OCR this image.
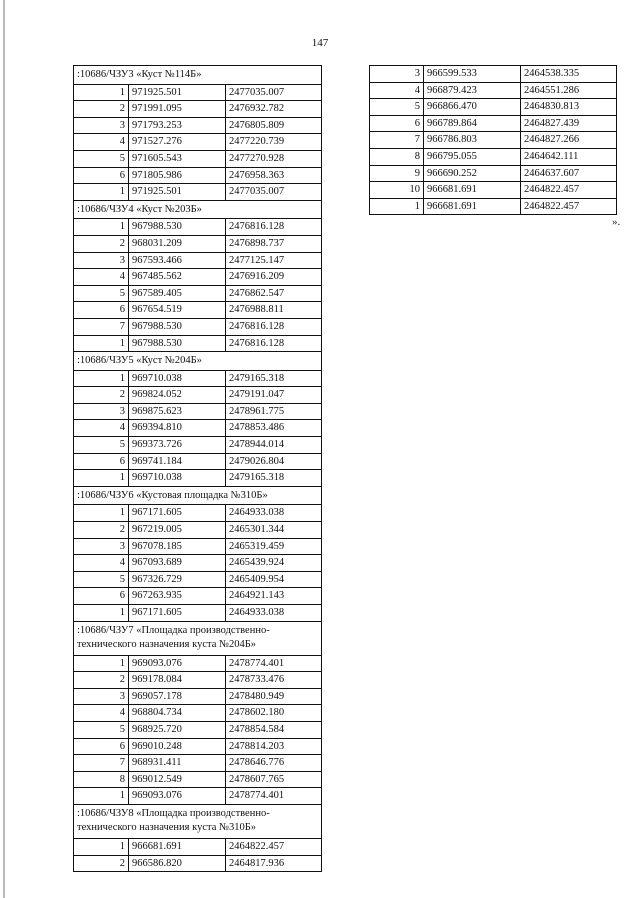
147
:10686/ЧЗУ3 «Куст №114Б»		
1	971925.501	2477035.007
2	971991.095	2476932.782
3	971793.253	2476805.809
4	971527.276	2477220.739
5	971605.543	2477270.928
6	971805.986	2476958.363
1	971925.501	2477035.007
:10686/ЧЗУ4 «Куст №203Б»		
1	967988.530	2476816.128
2	968031.209	2476898.737
3	967593.466	2477125.147
4	967485.562	2476916.209
5	967589.405	2476862.547
6	967654.519	2476988.811
7	967988.530	2476816.128
1	967988.530	2476816.128
:10686/ЧЗУ5 «Куст №204Б»		
1	969710.038	2479165.318
2	969824.052	2479191.047
3	969875.623	2478961.775
4	969394.810	2478853.486
5	969373.726	2478944.014
6	969741.184	2479026.804
1	969710.038	2479165.318
:10686/ЧЗУ6 «Кустовая площадка №310Б»		
1	967171.605	2464933.038
2	967219.005	2465301.344
3	967078.185	2465319.459
4	967093.689	2465439.924
5	967326.729	2465409.954
6	967263.935	2464921.143
1	967171.605	2464933.038
:10686/ЧЗУ7 «Площадка производственно-технического назначения куста №204Б»		
1	969093.076	2478774.401
2	969178.084	2478733.476
3	969057.178	2478480.949
4	968804.734	2478602.180
5	968925.720	2478854.584
6	969010.248	2478814.203
7	968931.411	2478646.776
8	969012.549	2478607.765
1	969093.076	2478774.401
:10686/ЧЗУ8 «Площадка производственно-технического назначения куста №310Б»		
1	966681.691	2464822.457
2	966586.820	2464817.936
3	966599.533	2464538.335
4	966879.423	2464551.286
5	966866.470	2464830.813
6	966789.864	2464827.439
7	966786.803	2464827.266
8	966795.055	2464642.111
9	966690.252	2464637.607
10	966681.691	2464822.457
1	966681.691	2464822.457
».
